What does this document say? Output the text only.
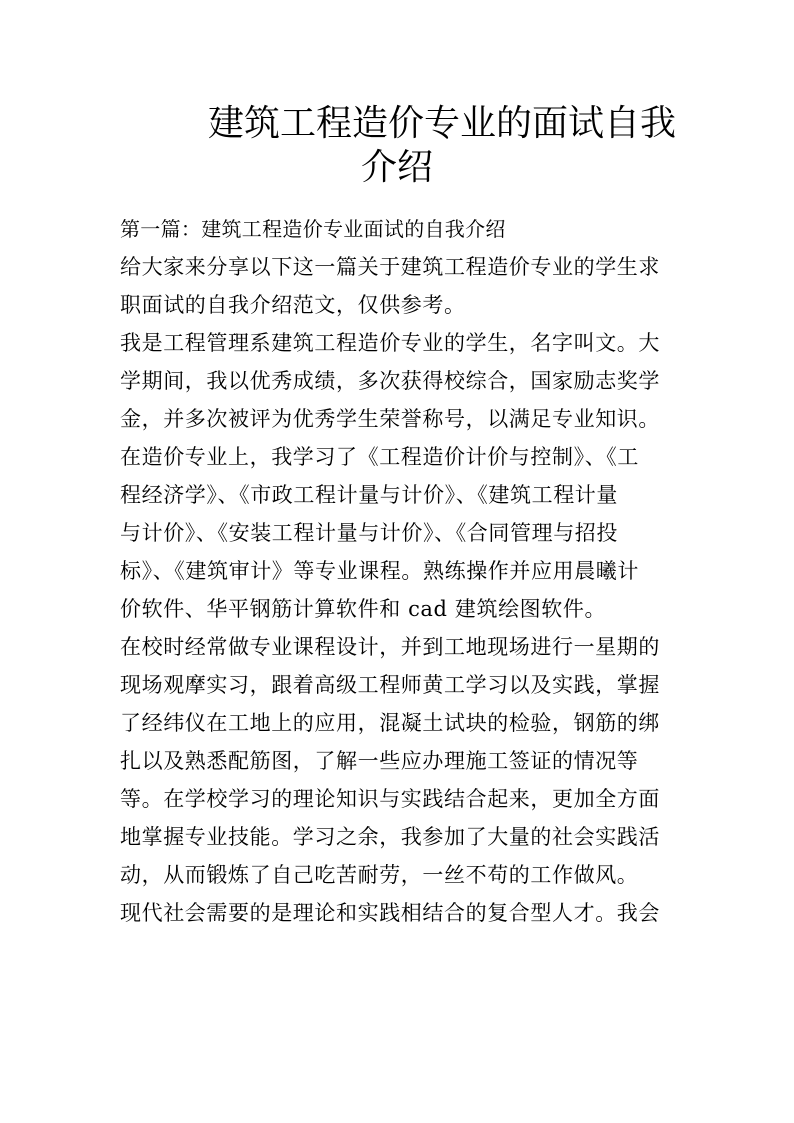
建筑工程造价专业的面试自我
介绍
第一篇：建筑工程造价专业面试的自我介绍
给大家来分享以下这一篇关于建筑工程造价专业的学生求
职面试的自我介绍范文，仅供参考。
我是工程管理系建筑工程造价专业的学生，名字叫文。大
学期间，我以优秀成绩，多次获得校综合，国家励志奖学
金，并多次被评为优秀学生荣誉称号，以满足专业知识。
在造价专业上，我学习了《工程造价计价与控制》、《工
程经济学》、《市政工程计量与计价》、《建筑工程计量
与计价》、《安装工程计量与计价》、《合同管理与招投
标》、《建筑审计》等专业课程。熟练操作并应用晨曦计
价软件、华平钢筋计算软件和 cad 建筑绘图软件。
在校时经常做专业课程设计，并到工地现场进行一星期的
现场观摩实习，跟着高级工程师黄工学习以及实践，掌握
了经纬仪在工地上的应用，混凝土试块的检验，钢筋的绑
扎以及熟悉配筋图，了解一些应办理施工签证的情况等
等。在学校学习的理论知识与实践结合起来，更加全方面
地掌握专业技能。学习之余，我参加了大量的社会实践活
动，从而锻炼了自己吃苦耐劳，一丝不苟的工作做风。
现代社会需要的是理论和实践相结合的复合型人才。我会
